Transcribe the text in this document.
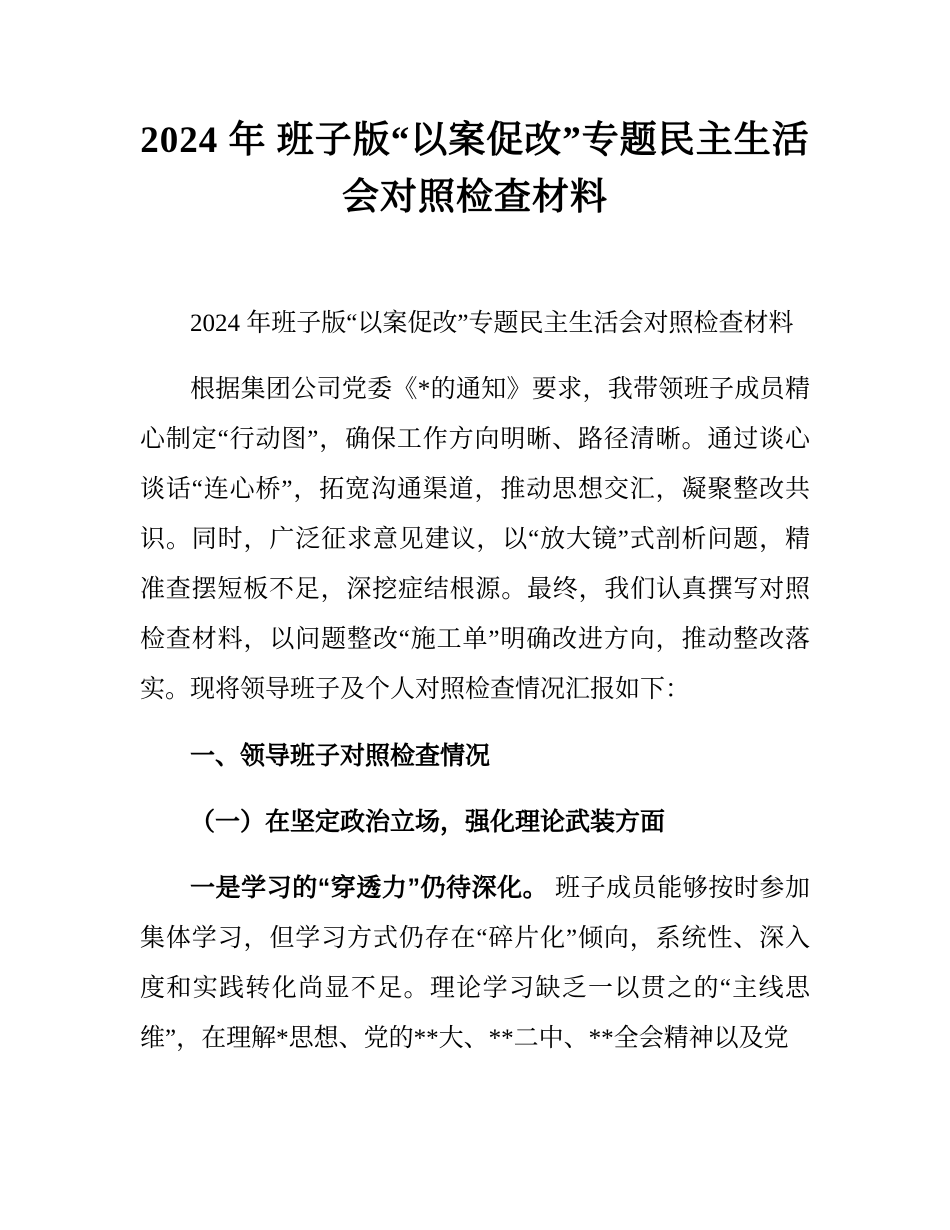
2024 年 班子版“以案促改”专题民主生活会对照检查材料

2024 年班子版“以案促改”专题民主生活会对照检查材料

根据集团公司党委《*的通知》要求，我带领班子成员精心制定“行动图”，确保工作方向明晰、路径清晰。通过谈心谈话“连心桥”，拓宽沟通渠道，推动思想交汇，凝聚整改共识。同时，广泛征求意见建议，以“放大镜”式剖析问题，精准查摆短板不足，深挖症结根源。最终，我们认真撰写对照检查材料，以问题整改“施工单”明确改进方向，推动整改落实。现将领导班子及个人对照检查情况汇报如下：

一、领导班子对照检查情况

（一）在坚定政治立场，强化理论武装方面

一是学习的“穿透力”仍待深化。 班子成员能够按时参加集体学习，但学习方式仍存在“碎片化”倾向，系统性、深入度和实践转化尚显不足。理论学习缺乏一以贯之的“主线思维”，在理解*思想、党的**大、**二中、**全会精神以及党
